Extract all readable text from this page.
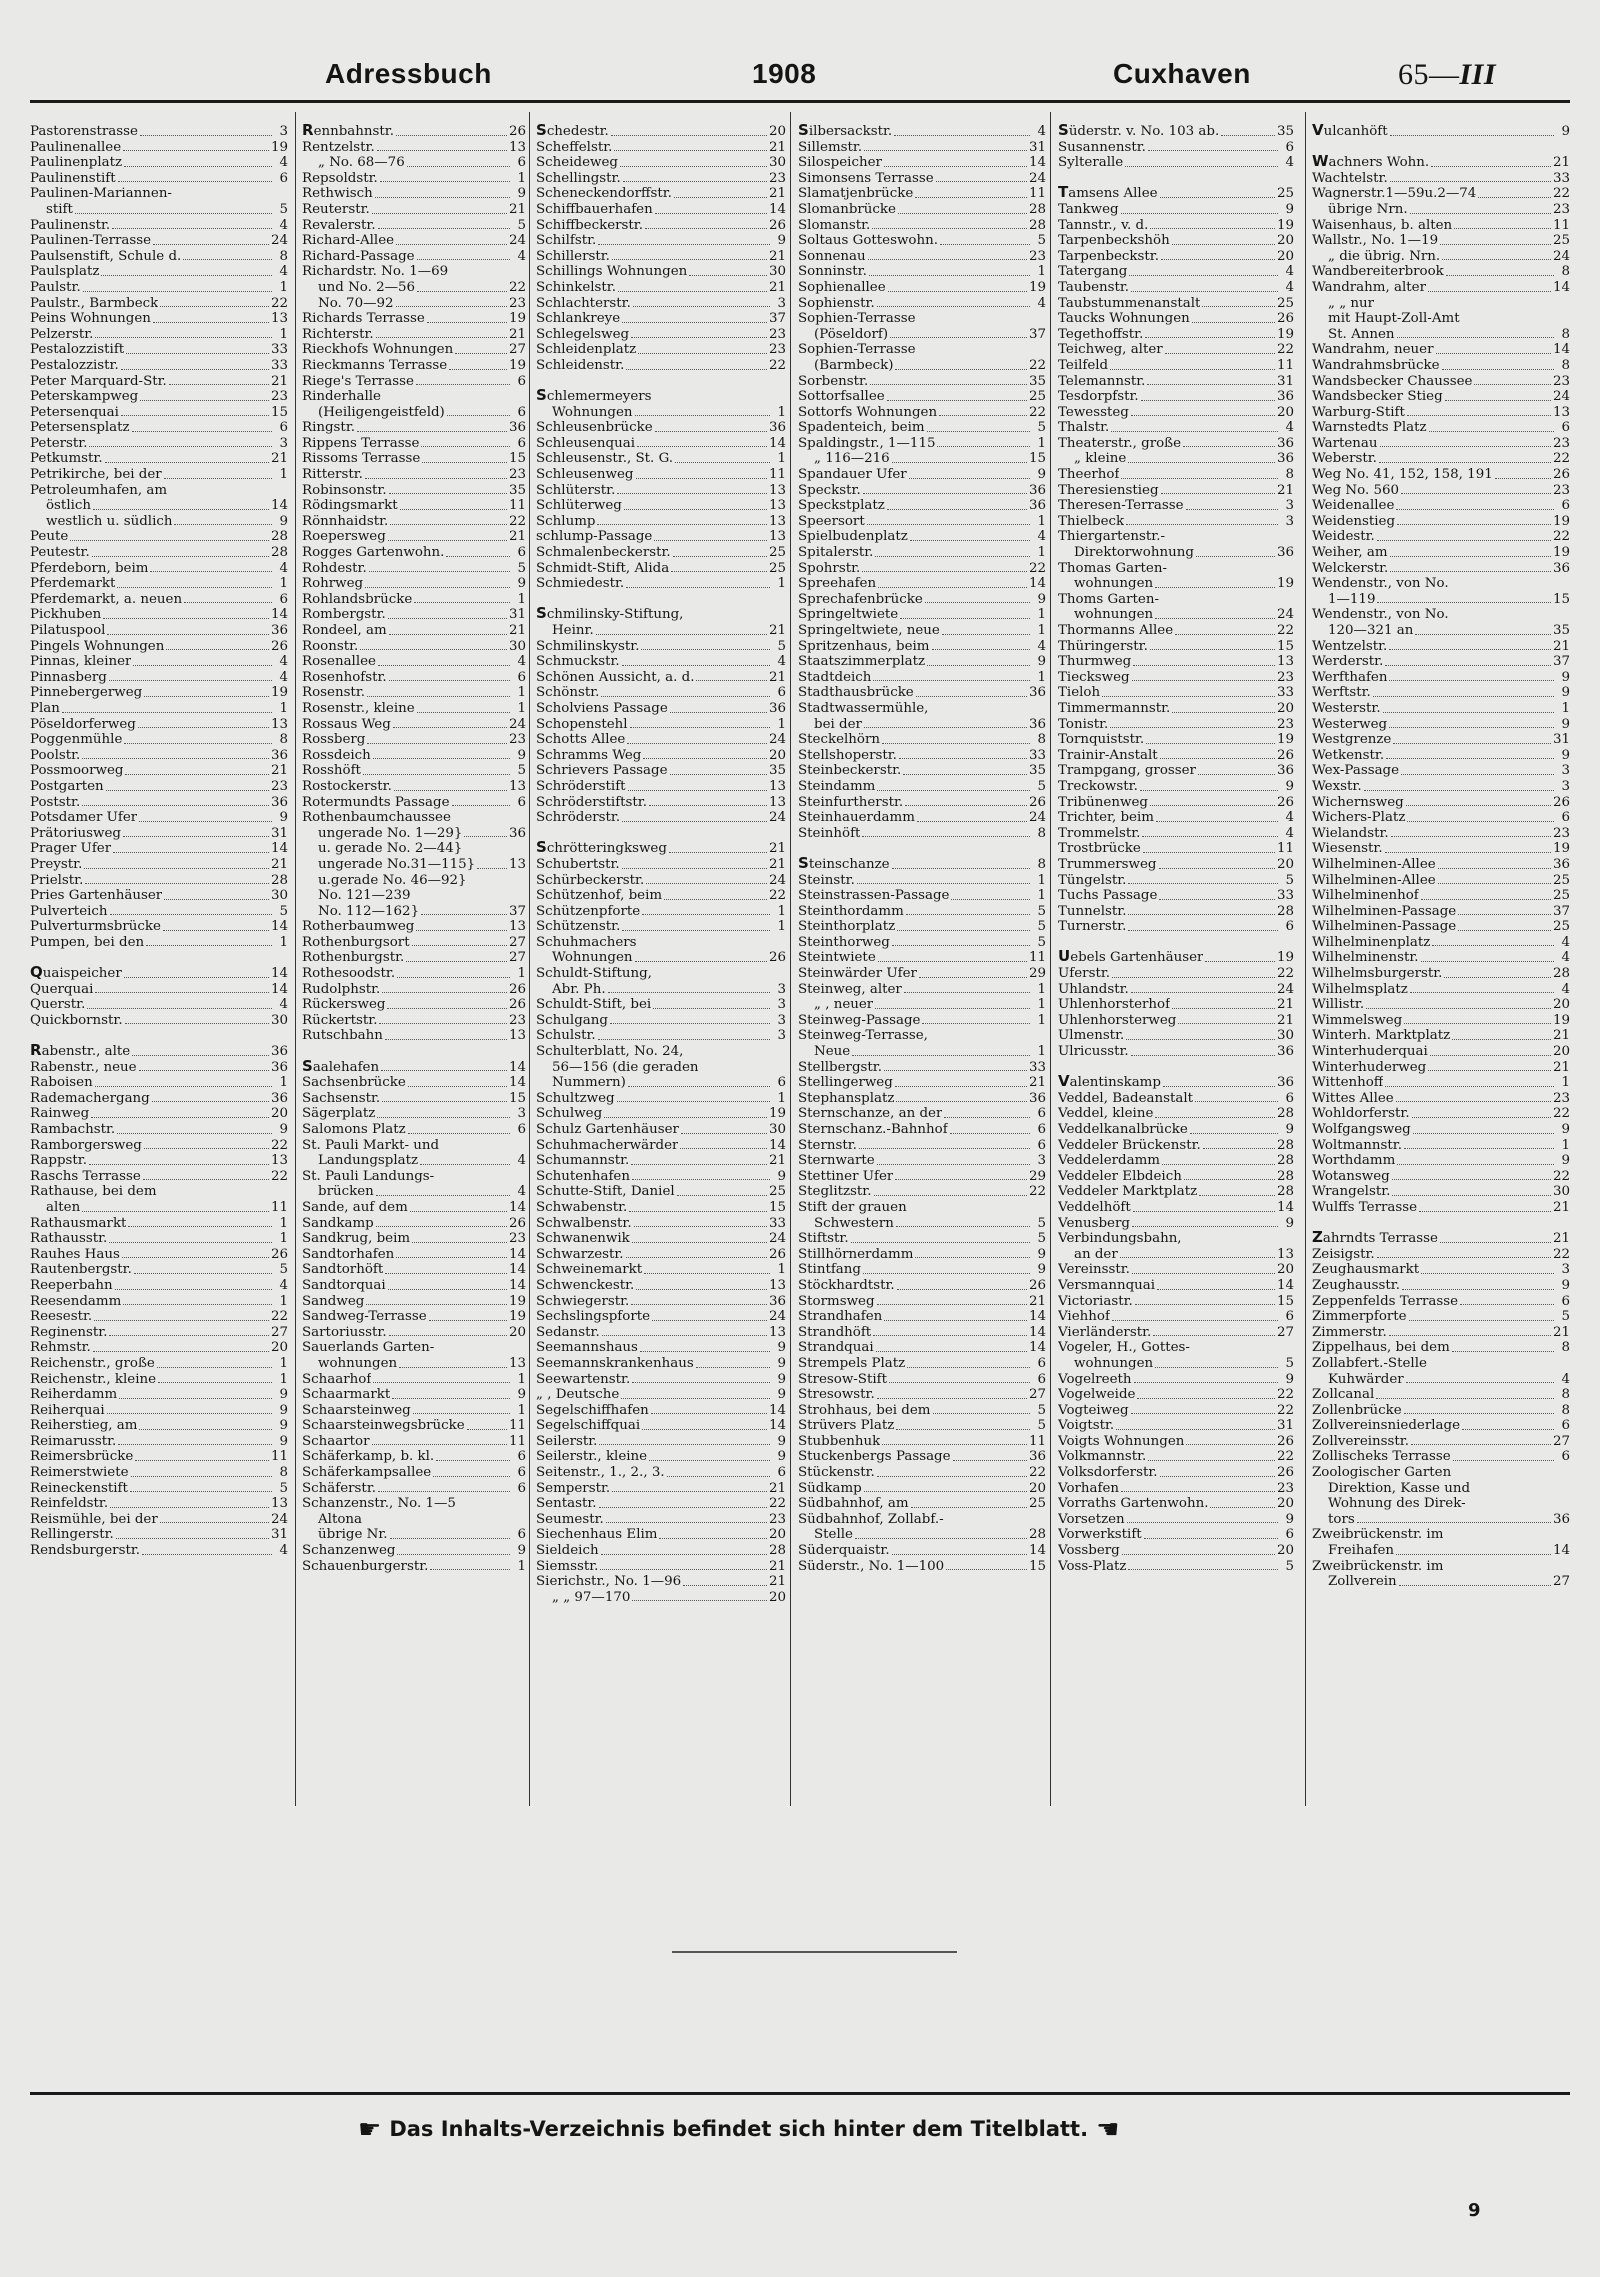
Adressbuch	1908	Cuxhaven	65—III
Pastorenstrasse	3
Paulinenallee	19
Paulinenplatz	4
Paulinenstift	6
Paulinen-Mariannen-
stift	5
Paulinenstr.	4
Paulinen-Terrasse	24
Paulsenstift, Schule d.	8
Paulsplatz	4
Paulstr.	1
Paulstr., Barmbeck	22
Peins Wohnungen	13
Pelzerstr.	1
Pestalozzistift	33
Pestalozzistr.	33
Peter Marquard-Str.	21
Peterskampweg	23
Petersenquai	15
Petersensplatz	6
Peterstr.	3
Petkumstr.	21
Petrikirche, bei der	1
Petroleumhafen, am
östlich	14
westlich u. südlich	9
Peute	28
Peutestr.	28
Pferdeborn, beim	4
Pferdemarkt	1
Pferdemarkt, a. neuen	6
Pickhuben	14
Pilatuspool	36
Pingels Wohnungen	26
Pinnas, kleiner	4
Pinnasberg	4
Pinnebergerweg	19
Plan	1
Pöseldorferweg	13
Poggenmühle	8
Poolstr.	36
Possmoorweg	21
Postgarten	23
Poststr.	36
Potsdamer Ufer	9
Prätoriusweg	31
Prager Ufer	14
Preystr.	21
Prielstr.	28
Pries Gartenhäuser	30
Pulverteich	5
Pulverturmsbrücke	14
Pumpen, bei den	1
Quaispeicher	14
Querquai	14
Querstr.	4
Quickbornstr.	30
Rabenstr., alte	36
Rabenstr., neue	36
Raboisen	1
Rademachergang	36
Rainweg	20
Rambachstr.	9
Ramborgersweg	22
Rappstr.	13
Raschs Terrasse	22
Rathause, bei dem
alten	11
Rathausmarkt	1
Rathausstr.	1
Rauhes Haus	26
Rautenbergstr.	5
Reeperbahn	4
Reesendamm	1
Reesestr.	22
Reginenstr.	27
Rehmstr.	20
Reichenstr., große	1
Reichenstr., kleine	1
Reiherdamm	9
Reiherquai	9
Reiherstieg, am	9
Reimarusstr.	9
Reimersbrücke	11
Reimerstwiete	8
Reineckenstift	5
Reinfeldstr.	13
Reismühle, bei der	24
Rellingerstr.	31
Rendsburgerstr.	4
Rennbahnstr.	26
Rentzelstr.	13
„ No. 68—76	6
Repsoldstr.	1
Rethwisch	9
Reuterstr.	21
Revalerstr.	5
Richard-Allee	24
Richard-Passage	4
Richardstr. No. 1—69
und No. 2—56	22
No. 70—92	23
Richards Terrasse	19
Richterstr.	21
Rieckhofs Wohnungen	27
Rieckmanns Terrasse	19
Riege's Terrasse	6
Rinderhalle
(Heiligengeistfeld)	6
Ringstr.	36
Rippens Terrasse	6
Rissoms Terrasse	15
Ritterstr.	23
Robinsonstr.	35
Rödingsmarkt	11
Rönnhaidstr.	22
Roepersweg	21
Rogges Gartenwohn.	6
Rohdestr.	5
Rohrweg	9
Rohlandsbrücke	1
Rombergstr.	31
Rondeel, am	21
Roonstr.	30
Rosenallee	4
Rosenhofstr.	6
Rosenstr.	1
Rosenstr., kleine	1
Rossaus Weg	24
Rossberg	23
Rossdeich	9
Rosshöft	5
Rostockerstr.	13
Rotermundts Passage	6
Rothenbaumchaussee
ungerade No. 1—29}	36
u. gerade No. 2—44}
ungerade No.31—115}	13
u.gerade No. 46—92}
No. 121—239
No. 112—162}	37
Rotherbaumweg	13
Rothenburgsort	27
Rothenburgstr.	27
Rothesoodstr.	1
Rudolphstr.	26
Rückersweg	26
Rückertstr.	23
Rutschbahn	13
Saalehafen	14
Sachsenbrücke	14
Sachsenstr.	15
Sägerplatz	3
Salomons Platz	6
St. Pauli Markt- und
Landungsplatz	4
St. Pauli Landungs-
brücken	4
Sande, auf dem	14
Sandkamp	26
Sandkrug, beim	23
Sandtorhafen	14
Sandtorhöft	14
Sandtorquai	14
Sandweg	19
Sandweg-Terrasse	19
Sartoriusstr.	20
Sauerlands Garten-
wohnungen	13
Schaarhof	1
Schaarmarkt	9
Schaarsteinweg	1
Schaarsteinwegsbrücke	11
Schaartor	11
Schäferkamp, b. kl.	6
Schäferkampsallee	6
Schäferstr.	6
Schanzenstr., No. 1—5
Altona
übrige Nr.	6
Schanzenweg	9
Schauenburgerstr.	1
Schedestr.	20
Scheffelstr.	21
Scheideweg	30
Schellingstr.	23
Scheneckendorffstr.	21
Schiffbauerhafen	14
Schiffbeckerstr.	26
Schilfstr.	9
Schillerstr.	21
Schillings Wohnungen	30
Schinkelstr.	21
Schlachterstr.	3
Schlankreye	37
Schlegelsweg	23
Schleidenplatz	23
Schleidenstr.	22
Schlemermeyers
Wohnungen	1
Schleusenbrücke	36
Schleusenquai	14
Schleusenstr., St. G.	1
Schleusenweg	11
Schlüterstr.	13
Schlüterweg	13
Schlump	13
schlump-Passage	13
Schmalenbeckerstr.	25
Schmidt-Stift, Alida	25
Schmiedestr.	1
Schmilinsky-Stiftung,
Heinr.	21
Schmilinskystr.	5
Schmuckstr.	4
Schönen Aussicht, a. d.	21
Schönstr.	6
Scholviens Passage	36
Schopenstehl	1
Schotts Allee	24
Schramms Weg	20
Schrievers Passage	35
Schröderstift	13
Schröderstiftstr.	13
Schröderstr.	24
Schrötteringksweg	21
Schubertstr.	21
Schürbeckerstr.	24
Schützenhof, beim	22
Schützenpforte	1
Schützenstr.	1
Schuhmachers
Wohnungen	26
Schuldt-Stiftung,
Abr. Ph.	3
Schuldt-Stift, bei	3
Schulgang	3
Schulstr.	3
Schulterblatt, No. 24,
56—156 (die geraden
Nummern)	6
Schultzweg	1
Schulweg	19
Schulz Gartenhäuser	30
Schuhmacherwärder	14
Schumannstr.	21
Schutenhafen	9
Schutte-Stift, Daniel	25
Schwabenstr.	15
Schwalbenstr.	33
Schwanenwik	24
Schwarzestr.	26
Schweinemarkt	1
Schwenckestr.	13
Schwiegerstr.	36
Sechslingspforte	24
Sedanstr.	13
Seemannshaus	9
Seemannskrankenhaus	9
Seewartenstr.	9
„ , Deutsche	9
Segelschiffhafen	14
Segelschiffquai	14
Seilerstr.	9
Seilerstr., kleine	9
Seitenstr., 1., 2., 3.	6
Semperstr.	21
Sentastr.	22
Seumestr.	23
Siechenhaus Elim	20
Sieldeich	28
Siemsstr.	21
Sierichstr., No. 1—96	21
„ „ 97—170	20
Silbersackstr.	4
Sillemstr.	31
Silospeicher	14
Simonsens Terrasse	24
Slamatjenbrücke	11
Slomanbrücke	28
Slomanstr.	28
Soltaus Gotteswohn.	5
Sonnenau	23
Sonninstr.	1
Sophienallee	19
Sophienstr.	4
Sophien-Terrasse
(Pöseldorf)	37
Sophien-Terrasse
(Barmbeck)	22
Sorbenstr.	35
Sottorfsallee	25
Sottorfs Wohnungen	22
Spadenteich, beim	5
Spaldingstr., 1—115	1
„ 116—216	15
Spandauer Ufer	9
Speckstr.	36
Speckstplatz	36
Speersort	1
Spielbudenplatz	4
Spitalerstr.	1
Spohrstr.	22
Spreehafen	14
Sprechafenbrücke	9
Springeltwiete	1
Springeltwiete, neue	1
Spritzenhaus, beim	4
Staatszimmerplatz	9
Stadtdeich	1
Stadthausbrücke	36
Stadtwassermühle,
bei der	36
Steckelhörn	8
Stellshoperstr.	33
Steinbeckerstr.	35
Steindamm	5
Steinfurtherstr.	26
Steinhauerdamm	24
Steinhöft	8
Steinschanze	8
Steinstr.	1
Steinstrassen-Passage	1
Steinthordamm	5
Steinthorplatz	5
Steinthorweg	5
Steintwiete	11
Steinwärder Ufer	29
Steinweg, alter	1
„ , neuer	1
Steinweg-Passage	1
Steinweg-Terrasse,
Neue	1
Stellbergstr.	33
Stellingerweg	21
Stephansplatz	36
Sternschanze, an der	6
Sternschanz.-Bahnhof	6
Sternstr.	6
Sternwarte	3
Stettiner Ufer	29
Steglitzstr.	22
Stift der grauen
Schwestern	5
Stiftstr.	5
Stillhörnerdamm	9
Stintfang	9
Stöckhardtstr.	26
Stormsweg	21
Strandhafen	14
Strandhöft	14
Strandquai	14
Strempels Platz	6
Stresow-Stift	6
Stresowstr.	27
Strohhaus, bei dem	5
Strüvers Platz	5
Stubbenhuk	11
Stuckenbergs Passage	36
Stückenstr.	22
Südkamp	20
Südbahnhof, am	25
Südbahnhof, Zollabf.-
Stelle	28
Süderquaistr.	14
Süderstr., No. 1—100	15
Süderstr. v. No. 103 ab.	35
Susannenstr.	6
Sylteralle	4
Tamsens Allee	25
Tankweg	9
Tannstr., v. d.	19
Tarpenbeckshöh	20
Tarpenbeckstr.	20
Tatergang	4
Taubenstr.	4
Taubstummenanstalt	25
Taucks Wohnungen	26
Tegethoffstr.	19
Teichweg, alter	22
Teilfeld	11
Telemannstr.	31
Tesdorpfstr.	36
Tewessteg	20
Thalstr.	4
Theaterstr., große	36
„ kleine	36
Theerhof	8
Theresienstieg	21
Theresen-Terrasse	3
Thielbeck	3
Thiergartenstr.-
Direktorwohnung	36
Thomas Garten-
wohnungen	19
Thoms Garten-
wohnungen	24
Thormanns Allee	22
Thüringerstr.	15
Thurmweg	13
Tiecksweg	23
Tieloh	33
Timmermannstr.	20
Tonistr.	23
Tornquiststr.	19
Trainir-Anstalt	26
Trampgang, grosser	36
Treckowstr.	9
Tribünenweg	26
Trichter, beim	4
Trommelstr.	4
Trostbrücke	11
Trummersweg	20
Tüngelstr.	5
Tuchs Passage	33
Tunnelstr.	28
Turnerstr.	6
Uebels Gartenhäuser	19
Uferstr.	22
Uhlandstr.	24
Uhlenhorsterhof	21
Uhlenhorsterweg	21
Ulmenstr.	30
Ulricusstr.	36
Valentinskamp	36
Veddel, Badeanstalt	6
Veddel, kleine	28
Veddelkanalbrücke	9
Veddeler Brückenstr.	28
Veddelerdamm	28
Veddeler Elbdeich	28
Veddeler Marktplatz	28
Veddelhöft	14
Venusberg	9
Verbindungsbahn,
an der	13
Vereinsstr.	20
Versmannquai	14
Victoriastr.	15
Viehhof	6
Vierländerstr.	27
Vogeler, H., Gottes-
wohnungen	5
Vogelreeth	9
Vogelweide	22
Vogteiweg	22
Voigtstr.	31
Voigts Wohnungen	26
Volkmannstr.	22
Volksdorferstr.	26
Vorhafen	23
Vorraths Gartenwohn.	20
Vorsetzen	9
Vorwerkstift	6
Vossberg	20
Voss-Platz	5
Vulcanhöft	9
Wachners Wohn.	21
Wachtelstr.	33
Wagnerstr.1—59u.2—74	22
übrige Nrn.	23
Waisenhaus, b. alten	11
Wallstr., No. 1—19	25
„ die übrig. Nrn.	24
Wandbereiterbrook	8
Wandrahm, alter	14
„ „ nur
mit Haupt-Zoll-Amt
St. Annen	8
Wandrahm, neuer	14
Wandrahmsbrücke	8
Wandsbecker Chaussee	23
Wandsbecker Stieg	24
Warburg-Stift	13
Warnstedts Platz	6
Wartenau	23
Weberstr.	22
Weg No. 41, 152, 158, 191	26
Weg No. 560	23
Weidenallee	6
Weidenstieg	19
Weidestr.	22
Weiher, am	19
Welckerstr.	36
Wendenstr., von No.
1—119	15
Wendenstr., von No.
120—321 an	35
Wentzelstr.	21
Werderstr.	37
Werfthafen	9
Werftstr.	9
Westerstr.	1
Westerweg	9
Westgrenze	31
Wetkenstr.	9
Wex-Passage	3
Wexstr.	3
Wichernsweg	26
Wichers-Platz	6
Wielandstr.	23
Wiesenstr.	19
Wilhelminen-Allee	36
Wilhelminen-Allee	25
Wilhelminenhof	25
Wilhelminen-Passage	37
Wilhelminen-Passage	25
Wilhelminenplatz	4
Wilhelminenstr.	4
Wilhelmsburgerstr.	28
Wilhelmsplatz	4
Willistr.	20
Wimmelsweg	19
Winterh. Marktplatz	21
Winterhuderquai	20
Winterhuderweg	21
Wittenhoff	1
Wittes Allee	23
Wohldorferstr.	22
Wolfgangsweg	9
Woltmannstr.	1
Worthdamm	9
Wotansweg	22
Wrangelstr.	30
Wulffs Terrasse	21
Zahrndts Terrasse	21
Zeisigstr.	22
Zeughausmarkt	3
Zeughausstr.	9
Zeppenfelds Terrasse	6
Zimmerpforte	5
Zimmerstr.	21
Zippelhaus, bei dem	8
Zollabfert.-Stelle
Kuhwärder	4
Zollcanal	8
Zollenbrücke	8
Zollvereinsniederlage	6
Zollvereinsstr.	27
Zollischeks Terrasse	6
Zoologischer Garten
Direktion, Kasse und
Wohnung des Direk-
tors	36
Zweibrückenstr. im
Freihafen	14
Zweibrückenstr. im
Zollverein	27
☛ Das Inhalts-Verzeichnis befindet sich hinter dem Titelblatt. ☚
9
